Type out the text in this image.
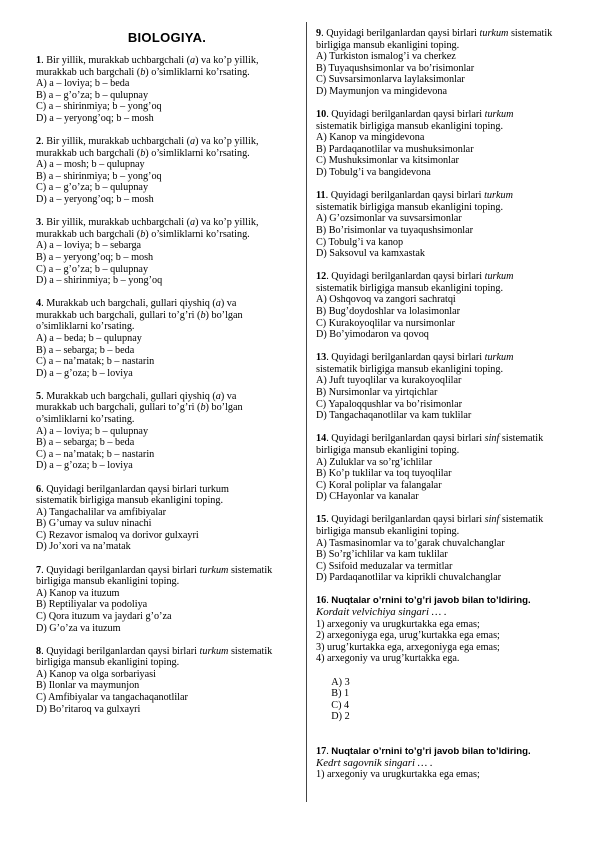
BIOLOGIYA.
1. Bir yillik, murakkab uchbargchali (a) va ko’p yillik,
murakkab uch bargchali (b) o’simliklarni ko’rsating.
A) a – loviya; b – beda
B) a – g’o’za; b – qulupnay
C) a – shirinmiya; b – yong’oq
D) a – yeryong’oq; b – mosh
2. Bir yillik, murakkab uchbargchali (a) va ko’p yillik,
murakkab uch bargchali (b) o’simliklarni ko’rsating.
A) a – mosh; b – qulupnay
B) a – shirinmiya; b – yong’oq
C) a – g’o’za; b – qulupnay
D) a – yeryong’oq; b – mosh
3. Bir yillik, murakkab uchbargchali (a) va ko’p yillik,
murakkab uch bargchali (b) o’simliklarni ko’rsating.
A) a – loviya; b – sebarga
B) a – yeryong’oq; b – mosh
C) a – g’o’za; b – qulupnay
D) a – shirinmiya; b – yong’oq
4. Murakkab uch bargchali, gullari qiyshiq (a) va
murakkab uch bargchali, gullari to’g’ri (b) bo’lgan
o’simliklarni ko’rsating.
A) a – beda; b – qulupnay
B) a – sebarga; b – beda
C) a – na’matak; b – nastarin
D) a – g’oza; b – loviya
5. Murakkab uch bargchali, gullari qiyshiq (a) va
murakkab uch bargchali, gullari to’g’ri (b) bo’lgan
o’simliklarni ko’rsating.
A) a – loviya; b – qulupnay
B) a – sebarga; b – beda
C) a – na’matak; b – nastarin
D) a – g’oza; b – loviya
6. Quyidagi berilganlardan qaysi birlari turkum
sistematik birligiga mansub ekanligini toping.
A) Tangachalilar va amfibiyalar
B) G’umay va suluv ninachi
C) Rezavor ismaloq va dorivor gulxayri
D) Jo’xori va na’matak
7. Quyidagi berilganlardan qaysi birlari turkum sistematik
birligiga mansub ekanligini toping.
A) Kanop va ituzum
B) Reptiliyalar va podoliya
C) Qora ituzum va jaydari g’o’za
D) G’o’za va ituzum
8. Quyidagi berilganlardan qaysi birlari turkum sistematik
birligiga mansub ekanligini toping.
A) Kanop va olga sorbariyasi
B) Ilonlar va maymunjon
C) Amfibiyalar va tangachaqanotlilar
D) Bo’ritaroq va gulxayri
9. Quyidagi berilganlardan qaysi birlari turkum sistematik
birligiga mansub ekanligini toping.
A) Turkiston ismalog’i va cherkez
B) Tuyaqushsimonlar va bo’risimonlar
C) Suvsarsimonlarva laylaksimonlar
D) Maymunjon va mingidevona
10. Quyidagi berilganlardan qaysi birlari turkum
sistematik birligiga mansub ekanligini toping.
A) Kanop va mingidevona
B) Pardaqanotlilar va mushuksimonlar
C) Mushuksimonlar va kitsimonlar
D) Tobulg’i va bangidevona
11. Quyidagi berilganlardan qaysi birlari turkum
sistematik birligiga mansub ekanligini toping.
A) G’ozsimonlar va suvsarsimonlar
B) Bo’risimonlar va tuyaqushsimonlar
C) Tobulg’i va kanop
D) Saksovul va kamxastak
12. Quyidagi berilganlardan qaysi birlari turkum
sistematik birligiga mansub ekanligini toping.
A) Oshqovoq va zangori sachratqi
B) Bug’doydoshlar va lolasimonlar
C) Kurakoyoqlilar va nursimonlar
D) Bo’yimodaron va qovoq
13. Quyidagi berilganlardan qaysi birlari turkum
sistematik birligiga mansub ekanligini toping.
A) Juft tuyoqlilar va kurakoyoqlilar
B) Nursimonlar va yirtqichlar
C) Yapaloqqushlar va bo’risimonlar
D) Tangachaqanotlilar va kam tuklilar
14. Quyidagi berilganlardan qaysi birlari sinf sistematik
birligiga mansub ekanligini toping.
A) Zuluklar va so’rg’ichlilar
B) Ko’p tuklilar va toq tuyoqlilar
C) Koral poliplar va falangalar
D) CHayonlar va kanalar
15. Quyidagi berilganlardan qaysi birlari sinf sistematik
birligiga mansub ekanligini toping.
A) Tasmasinomlar va to’garak chuvalchanglar
B) So’rg’ichlilar va kam tuklilar
C) Ssifoid meduzalar va termitlar
D) Pardaqanotlilar va kiprikli chuvalchanglar
16. Nuqtalar o’rnini to’g’ri javob bilan to’ldiring.
Kordait velvichiya singari … .
1) arxegoniy va urugkurtakka ega emas;
2) arxegoniyga ega, urug’kurtakka ega emas;
3) urug’kurtakka ega, arxegoniyga ega emas;
4) arxegoniy va urug’kurtakka ega.

A) 3
B) 1
C) 4
D) 2

17. Nuqtalar o’rnini to’g’ri javob bilan to’ldiring.
Kedrt sagovnik singari … .
1) arxegoniy va urugkurtakka ega emas;
